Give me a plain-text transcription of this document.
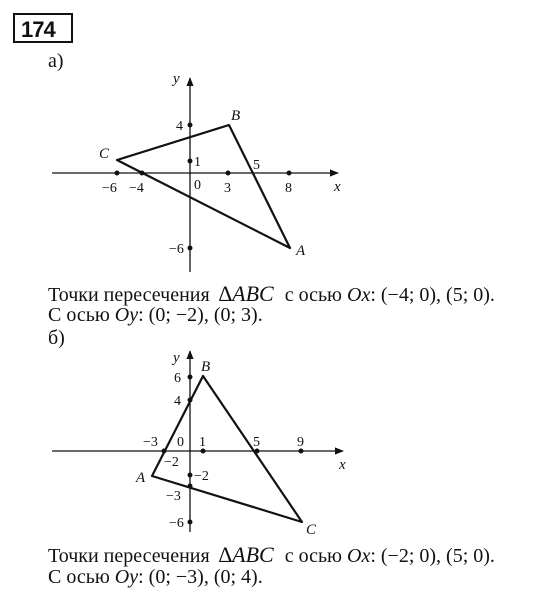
174
а)
x
y
0
−6 −4	3
5
8
4
1
−6	A
B
C
x
y
0
−3	1	5	9
6
4
−2
−2
−3
−6
A
B
C
Точки пересечения ∆ABC с осью Ox: (−4; 0), (5; 0).
С осью Oy: (0; −2), (0; 3).
б)
Точки пересечения ∆ABC с осью Ox: (−2; 0), (5; 0).
С осью Oy: (0; −3), (0; 4).
